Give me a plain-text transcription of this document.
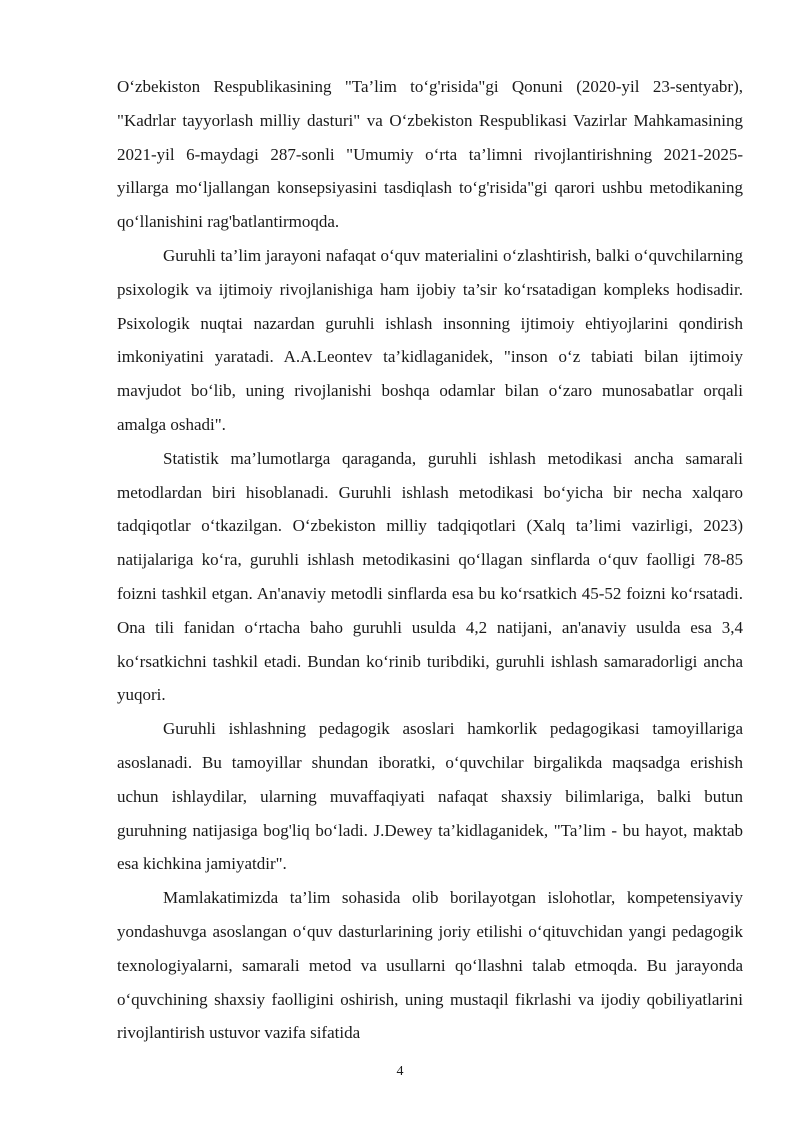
O‘zbekiston Respublikasining "Ta’lim to‘g'risida"gi Qonuni (2020-yil 23-sentyabr), "Kadrlar tayyorlash milliy dasturi" va O‘zbekiston Respublikasi Vazirlar Mahkamasining 2021-yil 6-maydagi 287-sonli "Umumiy o‘rta ta’limni rivojlantirishning 2021-2025-yillarga mo‘ljallangan konsepsiyasini tasdiqlash to‘g'risida"gi qarori ushbu metodikaning qo‘llanishini rag'batlantirmoqda.

Guruhli ta’lim jarayoni nafaqat o‘quv materialini o‘zlashtirish, balki o‘quvchilarning psixologik va ijtimoiy rivojlanishiga ham ijobiy ta’sir ko‘rsatadigan kompleks hodisadir. Psixologik nuqtai nazardan guruhli ishlash insonning ijtimoiy ehtiyojlarini qondirish imkoniyatini yaratadi. A.A.Leontev ta’kidlaganidek, "inson o‘z tabiati bilan ijtimoiy mavjudot bo‘lib, uning rivojlanishi boshqa odamlar bilan o‘zaro munosabatlar orqali amalga oshadi".

Statistik ma’lumotlarga qaraganda, guruhli ishlash metodikasi ancha samarali metodlardan biri hisoblanadi. Guruhli ishlash metodikasi bo‘yicha bir necha xalqaro tadqiqotlar o‘tkazilgan. O‘zbekiston milliy tadqiqotlari (Xalq ta’limi vazirligi, 2023) natijalariga ko‘ra, guruhli ishlash metodikasini qo‘llagan sinflarda o‘quv faolligi 78-85 foizni tashkil etgan. An'anaviy metodli sinflarda esa bu ko‘rsatkich 45-52 foizni ko‘rsatadi. Ona tili fanidan o‘rtacha baho guruhli usulda 4,2 natijani, an'anaviy usulda esa 3,4 ko‘rsatkichni tashkil etadi. Bundan ko‘rinib turibdiki, guruhli ishlash samaradorligi ancha yuqori.

Guruhli ishlashning pedagogik asoslari hamkorlik pedagogikasi tamoyillariga asoslanadi. Bu tamoyillar shundan iboratki, o‘quvchilar birgalikda maqsadga erishish uchun ishlaydilar, ularning muvaffaqiyati nafaqat shaxsiy bilimlariga, balki butun guruhning natijasiga bog'liq bo‘ladi. J.Dewey ta’kidlaganidek, "Ta’lim - bu hayot, maktab esa kichkina jamiyatdir".

Mamlakatimizda ta’lim sohasida olib borilayotgan islohotlar, kompetensiyaviy yondashuvga asoslangan o‘quv dasturlarining joriy etilishi o‘qituvchidan yangi pedagogik texnologiyalarni, samarali metod va usullarni qo‘llashni talab etmoqda. Bu jarayonda o‘quvchining shaxsiy faolligini oshirish, uning mustaqil fikrlashi va ijodiy qobiliyatlarini rivojlantirish ustuvor vazifa sifatida

4
